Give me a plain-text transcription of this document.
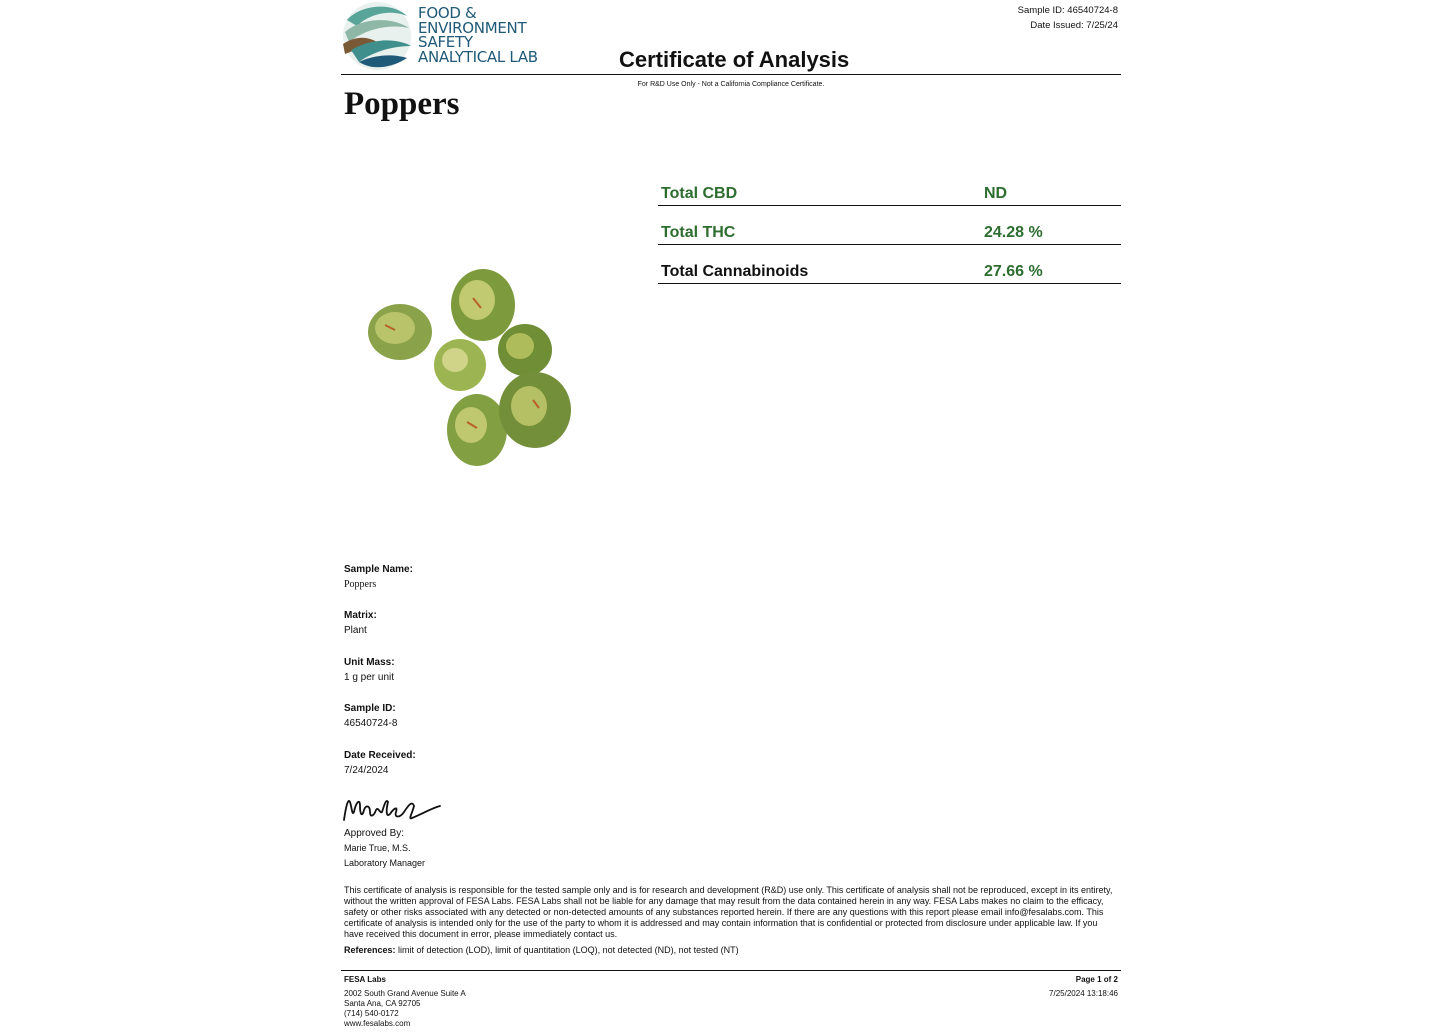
FOOD &
ENVIRONMENT
SAFETY
ANALYTICAL LAB
Sample ID: 46540724-8
Date Issued: 7/25/24
Certificate of Analysis
For R&D Use Only - Not a California Compliance Certificate.
Poppers
Total CBD	ND
Total THC	24.28 %
Total Cannabinoids	27.66 %
Sample Name:
Poppers
Matrix:
Plant
Unit Mass:
1 g per unit
Sample ID:
46540724-8
Date Received:
7/24/2024
Approved By:
Marie True, M.S.
Laboratory Manager
This certificate of analysis is responsible for the tested sample only and is for research and development (R&D) use only. This certificate of analysis shall not be reproduced, except in its entirety, without the written approval of FESA Labs. FESA Labs shall not be liable for any damage that may result from the data contained herein in any way. FESA Labs makes no claim to the efficacy, safety or other risks associated with any detected or non-detected amounts of any substances reported herein. If there are any questions with this report please email info@fesalabs.com. This certificate of analysis is intended only for the use of the party to whom it is addressed and may contain information that is confidential or protected from disclosure under applicable law. If you have received this document in error, please immediately contact us.
References: limit of detection (LOD), limit of quantitation (LOQ), not detected (ND), not tested (NT)
FESA Labs
2002 South Grand Avenue Suite A
Santa Ana, CA 92705
(714) 540-0172
www.fesalabs.com
Page 1 of 2
7/25/2024 13:18:46
